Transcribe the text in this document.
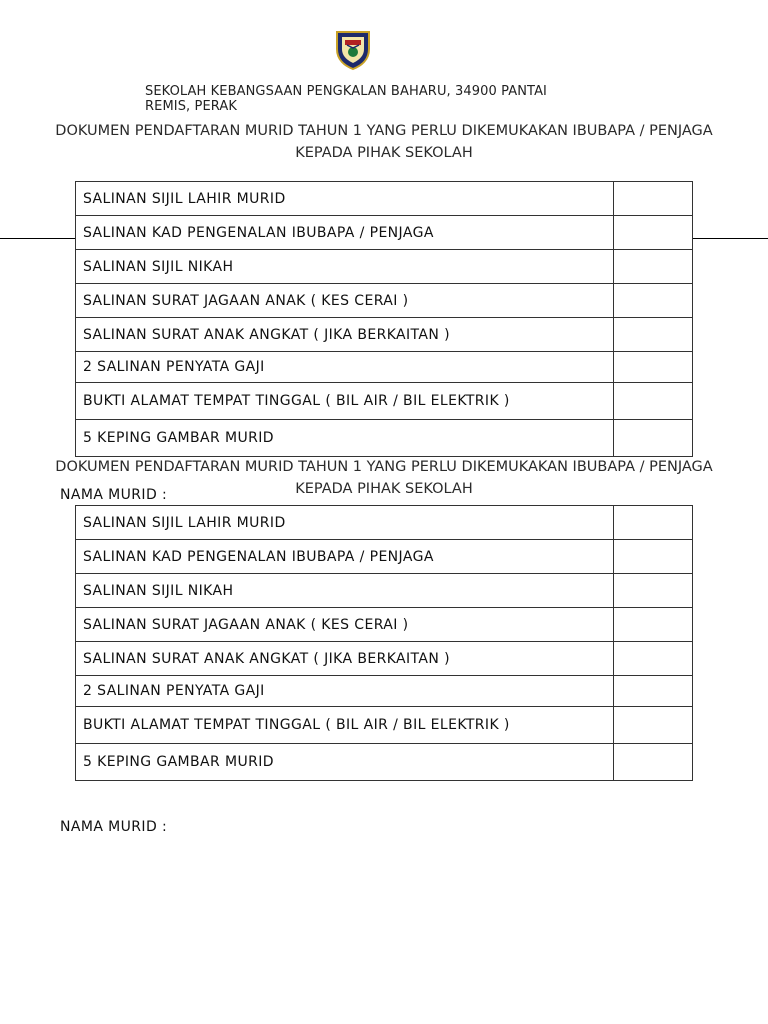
SEKOLAH KEBANGSAAN PENGKALAN BAHARU, 34900 PANTAI REMIS, PERAK
DOKUMEN PENDAFTARAN MURID TAHUN 1 YANG PERLU DIKEMUKAKAN IBUBAPA / PENJAGA KEPADA PIHAK SEKOLAH
SALINAN SIJIL LAHIR MURID	
SALINAN KAD PENGENALAN IBUBAPA / PENJAGA	
SALINAN SIJIL NIKAH	
SALINAN SURAT JAGAAN ANAK ( KES CERAI )	
SALINAN SURAT ANAK ANGKAT ( JIKA BERKAITAN )	
2 SALINAN PENYATA GAJI	
BUKTI ALAMAT TEMPAT TINGGAL ( BIL AIR / BIL ELEKTRIK )	
5 KEPING GAMBAR MURID	
DOKUMEN PENDAFTARAN MURID TAHUN 1 YANG PERLU DIKEMUKAKAN IBUBAPA / PENJAGA KEPADA PIHAK SEKOLAH
NAMA MURID :
SALINAN SIJIL LAHIR MURID	
SALINAN KAD PENGENALAN IBUBAPA / PENJAGA	
SALINAN SIJIL NIKAH	
SALINAN SURAT JAGAAN ANAK ( KES CERAI )	
SALINAN SURAT ANAK ANGKAT ( JIKA BERKAITAN )	
2 SALINAN PENYATA GAJI	
BUKTI ALAMAT TEMPAT TINGGAL ( BIL AIR / BIL ELEKTRIK )	
5 KEPING GAMBAR MURID	
NAMA MURID :
